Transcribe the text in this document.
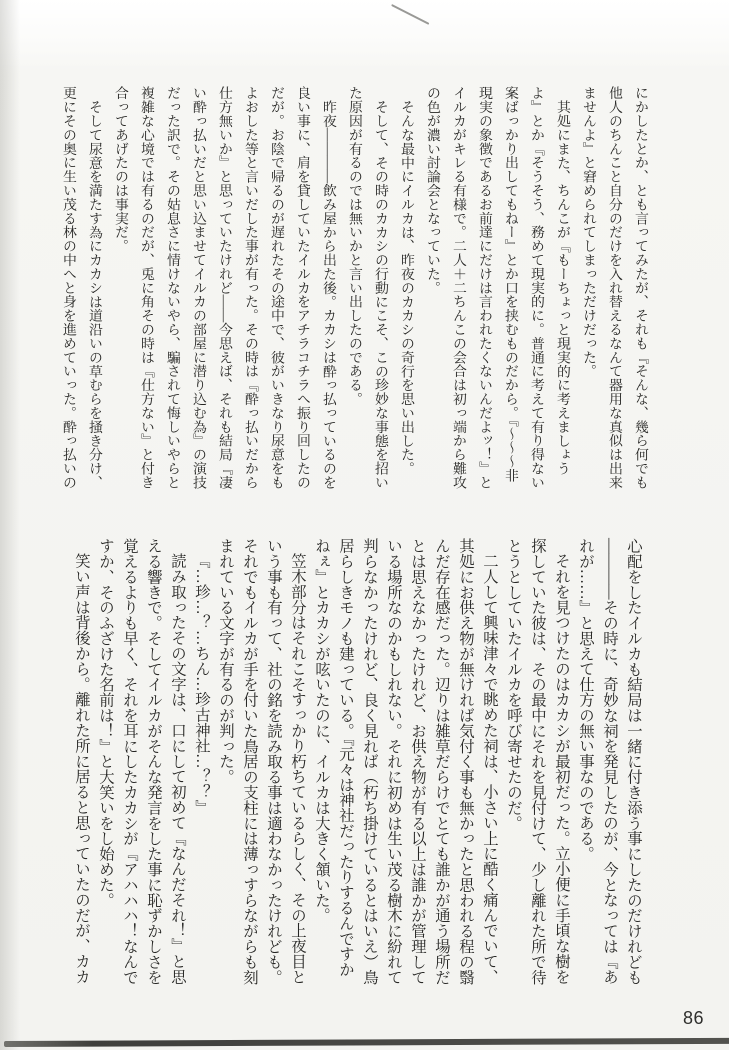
にかしたとか、とも言ってみたが、それも『そんな、幾ら何でも他人のちんこと自分のだけを入れ替えるなんて器用な真似は出来ませんよ』と窘められてしまっただけだった。

其処にまた、ちんこが『もーちょっと現実的に考えましょうよ』とか『そうそう、務めて現実的に。普通に考えて有り得ない案ばっかり出してもねー』とか口を挟むものだから。『〜〜〜非現実の象徴であるお前達にだけは言われたくないんだよッ！』とイルカがキレる有様で。二人＋二ちんこの会合は初っ端から難攻の色が濃い討論会となっていた。

そんな最中にイルカは、昨夜のカカシの奇行を思い出した。

そして、その時のカカシの行動にこそ、この珍妙な事態を招いた原因が有るのでは無いかと言い出したのである。

昨夜――――飲み屋から出た後。カカシは酔っ払っているのを良い事に、肩を貸していたイルカをアチラコチラへ振り回したのだが。お陰で帰るのが遅れたその途中で、彼がいきなり尿意をもよおした等と言いだした事が有った。その時は『酔っ払いだから仕方無いか』と思っていたけれど――今思えば、それも結局『凄い酔っ払いだと思い込ませてイルカの部屋に潜り込む為』の演技だった訳で。その姑息さに情けないやら、騙されて悔しいやらと複雑な心境では有るのだが、兎に角その時は『仕方ない』と付き合ってあげたのは事実だ。

そして尿意を満たす為にカカシは道沿いの草むらを掻き分け、更にその奥に生い茂る林の中へと身を進めていった。酔っ払いの

心配をしたイルカも結局は一緒に付き添う事にしたのだけれども――――その時に、奇妙な祠を発見したのが、今となっては『あれが……』と思えて仕方の無い事なのである。

それを見つけたのはカカシが最初だった。立小便に手頃な樹を探していた彼は、その最中にそれを見付けて、少し離れた所で待とうとしていたイルカを呼び寄せたのだ。

二人して興味津々で眺めた祠は、小さい上に酷く痛んでいて、其処にお供え物が無ければ気付く事も無かったと思われる程の翳んだ存在感だった。辺りは雑草だらけでとても誰かが通う場所だとは思えなかったけれど、お供え物が有る以上は誰かが管理している場所なのかもしれない。それに初めは生い茂る樹木に紛れて判らなかったけれど、良く見れば（朽ち掛けているとはいえ）鳥居らしきモノも建っている。『元々は神社だったりするんですかねぇ』とカカシが呟いたのに、イルカは大きく頷いた。

笠木部分はそれこそすっかり朽ちているらしく、その上夜目という事も有って、社の銘を読み取る事は適わなかったけれども。それでもイルカが手を付いた鳥居の支柱には薄っすらながらも刻まれている文字が有るのが判った。

『…珍…？…ちん…珍古神社…？？』

読み取ったその文字は、口にして初めて『なんだそれ！』と思える響きで。そしてイルカがそんな発言をした事に恥ずかしさを覚えるよりも早く、それを耳にしたカカシが『アハハハ！なんですか、そのふざけた名前は！』と大笑いをし始めた。

笑い声は背後から。離れた所に居ると思っていたのだが、カカ

86
